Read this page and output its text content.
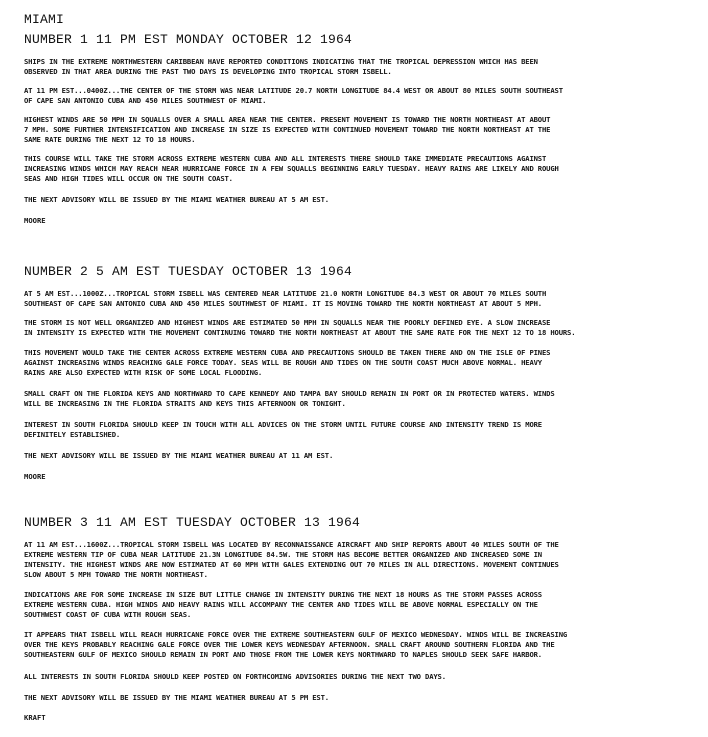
MIAMI
NUMBER 1 11 PM EST MONDAY OCTOBER 12 1964

SHIPS IN THE EXTREME NORTHWESTERN CARIBBEAN HAVE REPORTED CONDITIONS INDICATING THAT THE TROPICAL DEPRESSION WHICH HAS BEEN
OBSERVED IN THAT AREA DURING THE PAST TWO DAYS IS DEVELOPING INTO TROPICAL STORM ISBELL.

AT 11 PM EST...0400Z...THE CENTER OF THE STORM WAS NEAR LATITUDE 20.7 NORTH LONGITUDE 84.4 WEST OR ABOUT 80 MILES SOUTH SOUTHEAST
OF CAPE SAN ANTONIO CUBA AND 450 MILES SOUTHWEST OF MIAMI.

HIGHEST WINDS ARE 50 MPH IN SQUALLS OVER A SMALL AREA NEAR THE CENTER. PRESENT MOVEMENT IS TOWARD THE NORTH NORTHEAST AT ABOUT
7 MPH. SOME FURTHER INTENSIFICATION AND INCREASE IN SIZE IS EXPECTED WITH CONTINUED MOVEMENT TOWARD THE NORTH NORTHEAST AT THE
SAME RATE DURING THE NEXT 12 TO 18 HOURS.

THIS COURSE WILL TAKE THE STORM ACROSS EXTREME WESTERN CUBA AND ALL INTERESTS THERE SHOULD TAKE IMMEDIATE PRECAUTIONS AGAINST
INCREASING WINDS WHICH MAY REACH NEAR HURRICANE FORCE IN A FEW SQUALLS BEGINNING EARLY TUESDAY. HEAVY RAINS ARE LIKELY AND ROUGH
SEAS AND HIGH TIDES WILL OCCUR ON THE SOUTH COAST.

THE NEXT ADVISORY WILL BE ISSUED BY THE MIAMI WEATHER BUREAU AT 5 AM EST.

MOORE

NUMBER 2 5 AM EST TUESDAY OCTOBER 13 1964

AT 5 AM EST...1000Z...TROPICAL STORM ISBELL WAS CENTERED NEAR LATITUDE 21.0 NORTH LONGITUDE 84.3 WEST OR ABOUT 70 MILES SOUTH
SOUTHEAST OF CAPE SAN ANTONIO CUBA AND 450 MILES SOUTHWEST OF MIAMI. IT IS MOVING TOWARD THE NORTH NORTHEAST AT ABOUT 5 MPH.

THE STORM IS NOT WELL ORGANIZED AND HIGHEST WINDS ARE ESTIMATED 50 MPH IN SQUALLS NEAR THE POORLY DEFINED EYE. A SLOW INCREASE
IN INTENSITY IS EXPECTED WITH THE MOVEMENT CONTINUING TOWARD THE NORTH NORTHEAST AT ABOUT THE SAME RATE FOR THE NEXT 12 TO 18 HOURS.

THIS MOVEMENT WOULD TAKE THE CENTER ACROSS EXTREME WESTERN CUBA AND PRECAUTIONS SHOULD BE TAKEN THERE AND ON THE ISLE OF PINES
AGAINST INCREASING WINDS REACHING GALE FORCE TODAY. SEAS WILL BE ROUGH AND TIDES ON THE SOUTH COAST MUCH ABOVE NORMAL. HEAVY
RAINS ARE ALSO EXPECTED WITH RISK OF SOME LOCAL FLOODING.

SMALL CRAFT ON THE FLORIDA KEYS AND NORTHWARD TO CAPE KENNEDY AND TAMPA BAY SHOULD REMAIN IN PORT OR IN PROTECTED WATERS. WINDS
WILL BE INCREASING IN THE FLORIDA STRAITS AND KEYS THIS AFTERNOON OR TONIGHT.

INTEREST IN SOUTH FLORIDA SHOULD KEEP IN TOUCH WITH ALL ADVICES ON THE STORM UNTIL FUTURE COURSE AND INTENSITY TREND IS MORE
DEFINITELY ESTABLISHED.

THE NEXT ADVISORY WILL BE ISSUED BY THE MIAMI WEATHER BUREAU AT 11 AM EST.

MOORE

NUMBER 3 11 AM EST TUESDAY OCTOBER 13 1964

AT 11 AM EST...1600Z...TROPICAL STORM ISBELL WAS LOCATED BY RECONNAISSANCE AIRCRAFT AND SHIP REPORTS ABOUT 40 MILES SOUTH OF THE
EXTREME WESTERN TIP OF CUBA NEAR LATITUDE 21.3N LONGITUDE 84.5W. THE STORM HAS BECOME BETTER ORGANIZED AND INCREASED SOME IN
INTENSITY. THE HIGHEST WINDS ARE NOW ESTIMATED AT 60 MPH WITH GALES EXTENDING OUT 70 MILES IN ALL DIRECTIONS. MOVEMENT CONTINUES
SLOW ABOUT 5 MPH TOWARD THE NORTH NORTHEAST.

INDICATIONS ARE FOR SOME INCREASE IN SIZE BUT LITTLE CHANGE IN INTENSITY DURING THE NEXT 18 HOURS AS THE STORM PASSES ACROSS
EXTREME WESTERN CUBA. HIGH WINDS AND HEAVY RAINS WILL ACCOMPANY THE CENTER AND TIDES WILL BE ABOVE NORMAL ESPECIALLY ON THE
SOUTHWEST COAST OF CUBA WITH ROUGH SEAS.

IT APPEARS THAT ISBELL WILL REACH HURRICANE FORCE OVER THE EXTREME SOUTHEASTERN GULF OF MEXICO WEDNESDAY. WINDS WILL BE INCREASING
OVER THE KEYS PROBABLY REACHING GALE FORCE OVER THE LOWER KEYS WEDNESDAY AFTERNOON. SMALL CRAFT AROUND SOUTHERN FLORIDA AND THE
SOUTHEASTERN GULF OF MEXICO SHOULD REMAIN IN PORT AND THOSE FROM THE LOWER KEYS NORTHWARD TO NAPLES SHOULD SEEK SAFE HARBOR.

ALL INTERESTS IN SOUTH FLORIDA SHOULD KEEP POSTED ON FORTHCOMING ADVISORIES DURING THE NEXT TWO DAYS.

THE NEXT ADVISORY WILL BE ISSUED BY THE MIAMI WEATHER BUREAU AT 5 PM EST.

KRAFT
